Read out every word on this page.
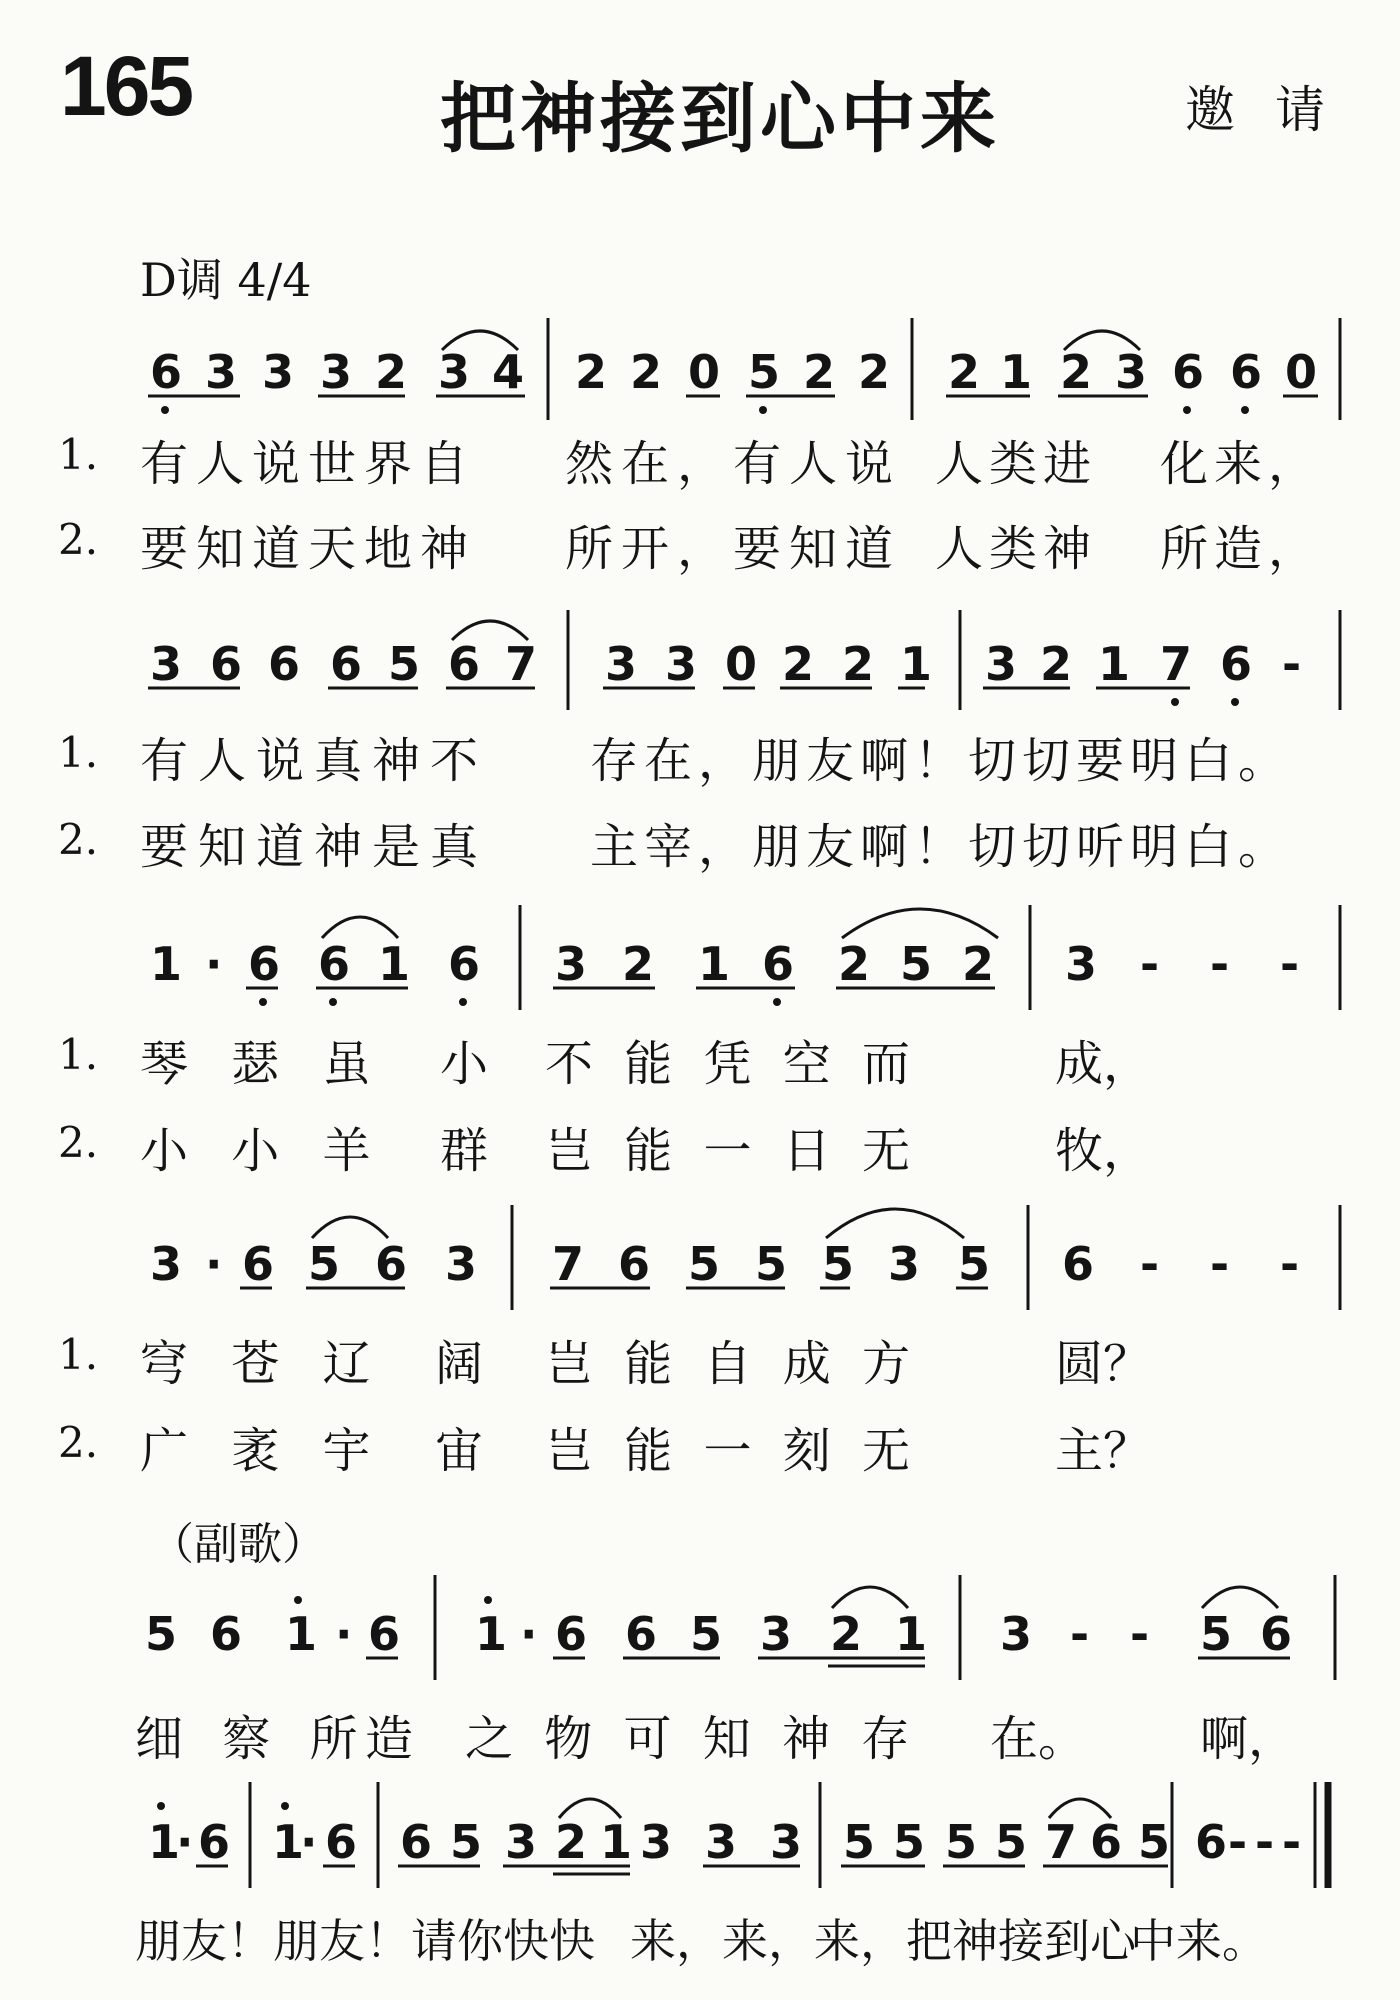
165	把神接到心中来	邀请
D调 4/4
6 3 3 3 2 3 4 2 2 0 5 2 2 2 1 2 3 6 6 0
3 6 6 6 5 6 7 3 3 0 2 2 1 3 2 1 7 6 -
1 · 6 6 1 6 3 2 1 6 2 5 2 3 - - -
3 · 6 5 6 3 7 6 5 5 5 3 5 6 - - -
5 6 1 · 6 1 · 6 6 5 3 2 1 3 - - 5 6
1
· 6 1
· 6 6 5 3 2 1 3 3 3 5 5 5 5 7 6 5 6 - - -
1. 有人说世界自 然在，有人说 人类进 化来，
2. 要知道天地神 所开，要知道 人类神 所造，
1. 有人说真神不 存在，朋友啊！切切要明白。
2. 要知道神是真 主宰，朋友啊！切切听明白。
1. 琴 瑟 虽 小 不 能 凭 空 而	成，
2. 小 小 羊 群 岂 能 一 日 无	牧，
1. 穹 苍 辽 阔 岂 能 自 成 方	圆？
2. 广 袤 宇 宙 岂 能 一 刻 无	主？
（副歌）
细 察 所
造 之 物 可 知 神 存 在。 啊，
朋友！朋友！请你快快 来，来，来，把神接到心
中来。
